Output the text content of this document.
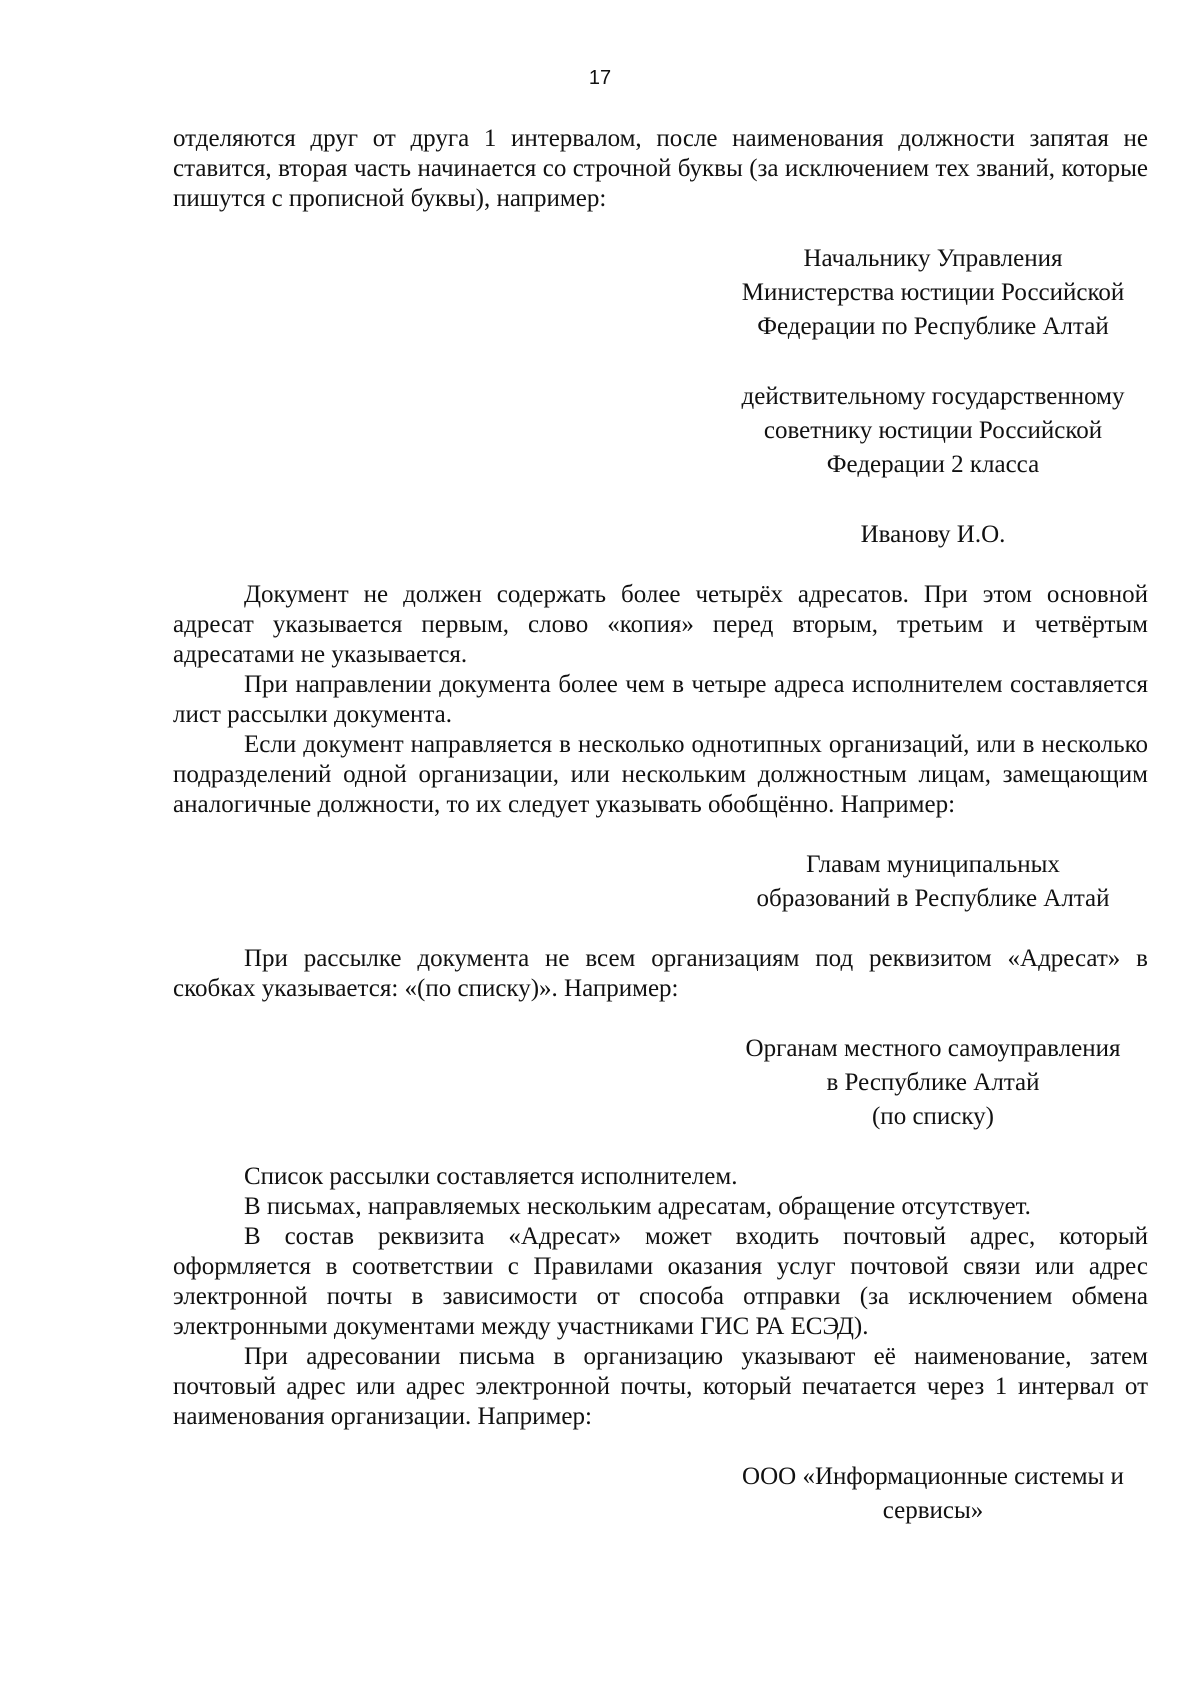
17

отделяются друг от друга 1 интервалом, после наименования должности запятая не ставится, вторая часть начинается со строчной буквы (за исключением тех званий, которые пишутся с прописной буквы), например:

Начальнику Управления
Министерства юстиции Российской
Федерации по Республике Алтай
действительному государственному
советнику юстиции Российской
Федерации 2 класса
Иванову И.О.

Документ не должен содержать более четырёх адресатов. При этом основной адресат указывается первым, слово «копия» перед вторым, третьим и четвёртым адресатами не указывается.

При направлении документа более чем в четыре адреса исполнителем составляется лист рассылки документа.

Если документ направляется в несколько однотипных организаций, или в несколько подразделений одной организации, или нескольким должностным лицам, замещающим аналогичные должности, то их следует указывать обобщённо. Например:

Главам муниципальных
образований в Республике Алтай

При рассылке документа не всем организациям под реквизитом «Адресат» в скобках указывается: «(по списку)». Например:

Органам местного самоуправления
в Республике Алтай
(по списку)

Список рассылки составляется исполнителем.

В письмах, направляемых нескольким адресатам, обращение отсутствует.

В состав реквизита «Адресат» может входить почтовый адрес, который оформляется в соответствии с Правилами оказания услуг почтовой связи или адрес электронной почты в зависимости от способа отправки (за исключением обмена электронными документами между участниками ГИС РА ЕСЭД).

При адресовании письма в организацию указывают её наименование, затем почтовый адрес или адрес электронной почты, который печатается через 1 интервал от наименования организации. Например:

ООО «Информационные системы и
сервисы»
